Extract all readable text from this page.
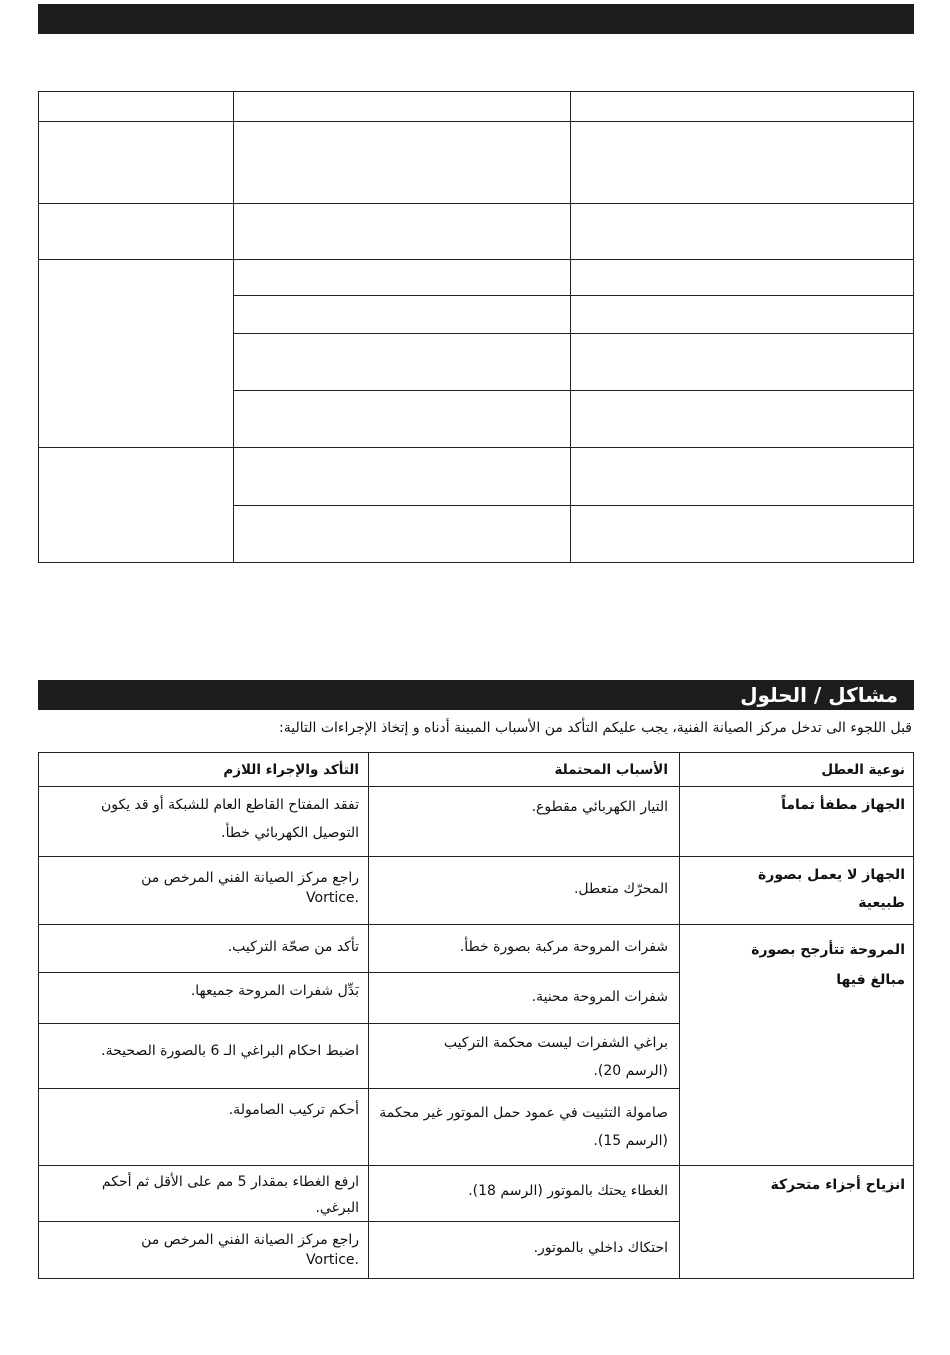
مشاكل / الحلول
قبل اللجوء الى تدخل مركز الصيانة الفنية، يجب عليكم التأكد من الأسباب المبينة أدناه و إتخاذ الإجراءات التالية:
نوعية العطل
الأسباب المحتملة
التأكد والإجراء اللازم
الجهاز مطفأ تماماً
التيار الكهربائي مقطوع.
تفقد المفتاح القاطع العام للشبكة أو قد يكون التوصيل الكهربائي خطأ.
الجهاز لا يعمل بصورة طبيعية
المحرّك متعطل.
راجع مركز الصيانة الفني المرخص من
Vortice.
المروحة تتأرجح بصورة مبالغ فيها
شفرات المروحة مركبة بصورة خطأ.
تأكد من صحّة التركيب.
شفرات المروحة محنية.
بَدِّل شفرات المروحة جميعها.
براغي الشفرات ليست محكمة التركيب (الرسم 20).
اضبط احكام البراغي الـ 6 بالصورة الصحيحة.
صامولة التثبيت في عمود حمل الموتور غير محكمة (الرسم 15).
أحكم تركيب الصامولة.
انزياح أجزاء متحركة
الغطاء يحتك بالموتور (الرسم 18).
ارفع الغطاء بمقدار 5 مم على الأقل ثم أحكم البرغي.
احتكاك داخلي بالموتور.
راجع مركز الصيانة الفني المرخص من
Vortice.
